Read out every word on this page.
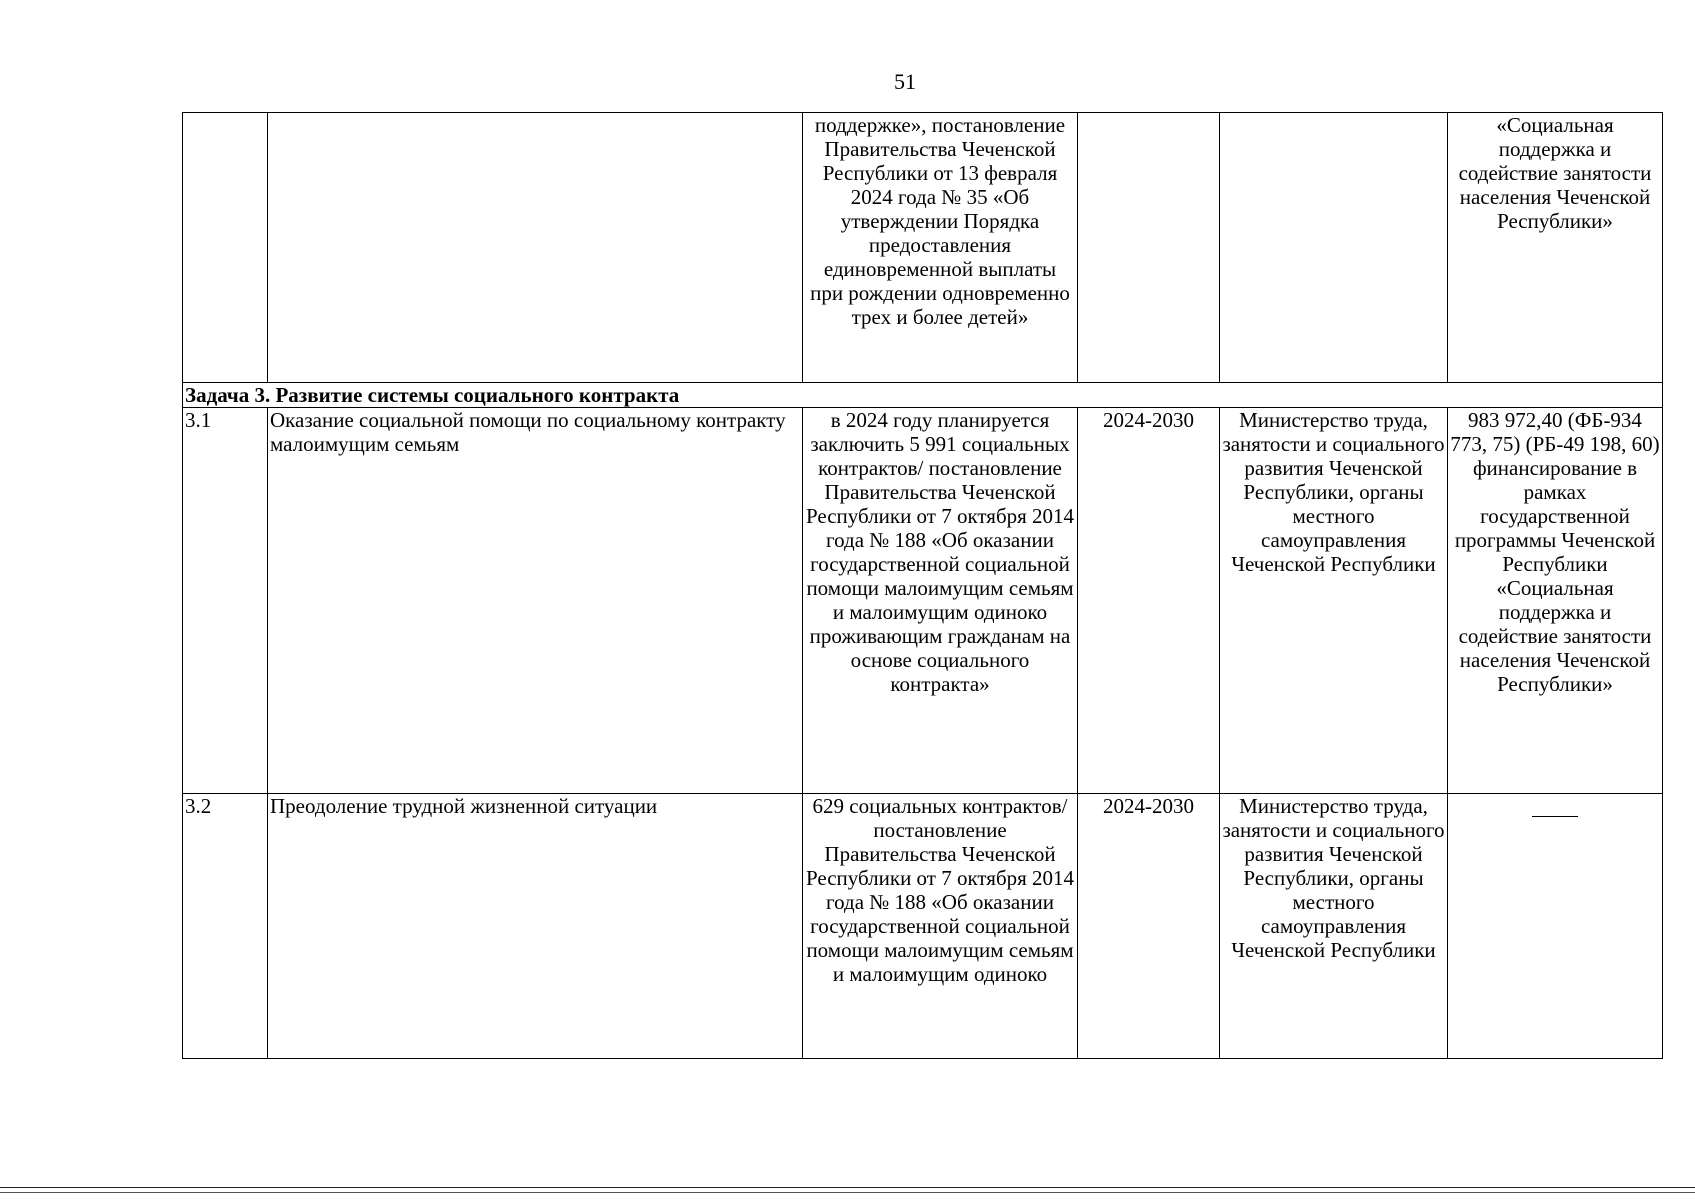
51
		поддержке», постановление Правительства Чеченской Республики от 13 февраля 2024 года № 35 «Об утверждении Порядка предоставления единовременной выплаты при рождении одновременно трех и более детей»			«Социальная поддержка и содействие занятости населения Чеченской Республики»
Задача 3. Развитие системы социального контракта					
3.1	Оказание социальной помощи по социальному контракту малоимущим семьям	в 2024 году планируется заключить 5 991 социальных контрактов/ постановление Правительства Чеченской Республики от 7 октября 2014 года № 188 «Об оказании государственной социальной помощи малоимущим семьям и малоимущим одиноко проживающим гражданам на основе социального контракта»	2024-2030	Министерство труда, занятости и социального развития Чеченской Республики, органы местного самоуправления Чеченской Республики	983 972,40 (ФБ-934 773, 75) (РБ-49 198, 60) финансирование в рамках государственной программы Чеченской Республики «Социальная поддержка и содействие занятости населения Чеченской Республики»
3.2	Преодоление трудной жизненной ситуации	629 социальных контрактов/ постановление Правительства Чеченской Республики от 7 октября 2014 года № 188 «Об оказании государственной социальной помощи малоимущим семьям и малоимущим одиноко	2024-2030	Министерство труда, занятости и социального развития Чеченской Республики, органы местного самоуправления Чеченской Республики	
